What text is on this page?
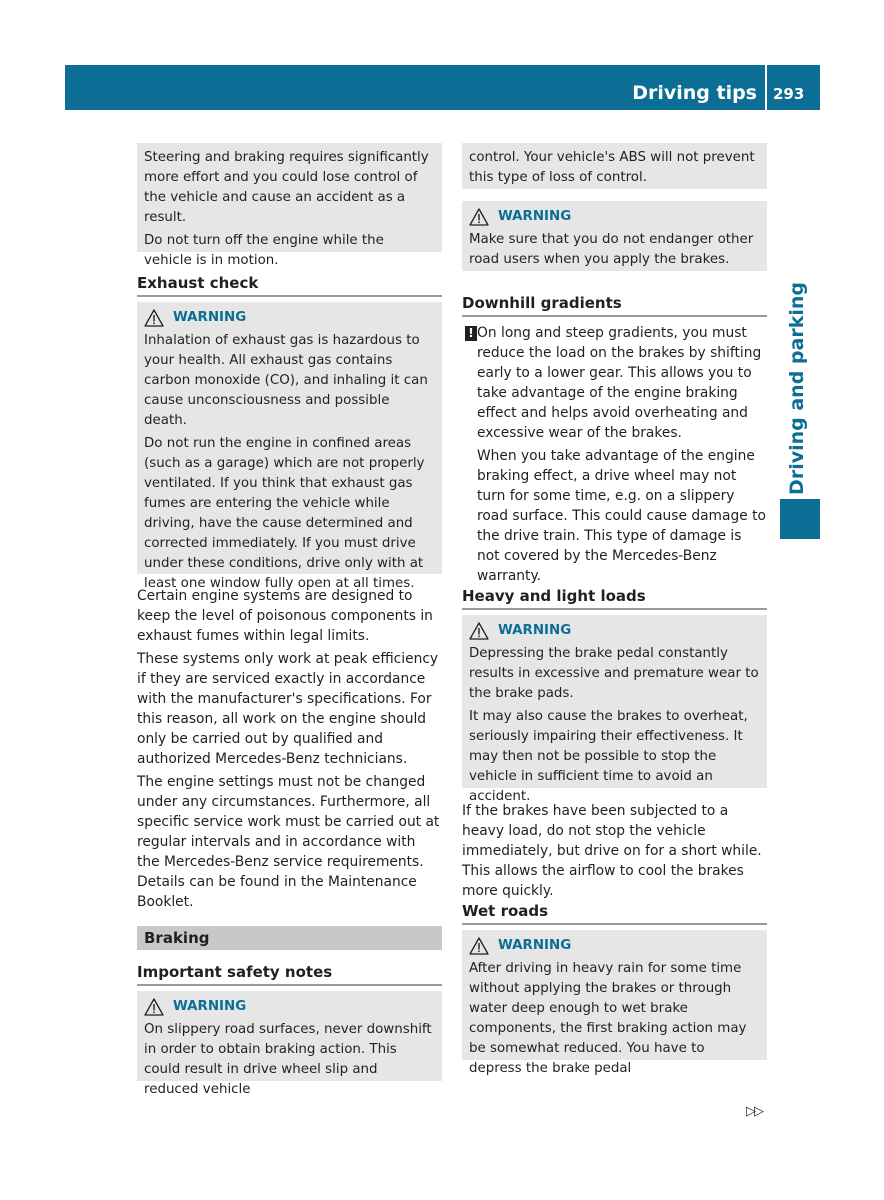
Driving tips 293
Driving and parking

Steering and braking requires significantly more effort and you could lose control of the vehicle and cause an accident as a result.

Do not turn off the engine while the vehicle is in motion.

Exhaust check
WARNING

Inhalation of exhaust gas is hazardous to your health. All exhaust gas contains carbon monoxide (CO), and inhaling it can cause unconsciousness and possible death.

Do not run the engine in confined areas (such as a garage) which are not properly ventilated. If you think that exhaust gas fumes are entering the vehicle while driving, have the cause determined and corrected immediately. If you must drive under these conditions, drive only with at least one window fully open at all times.

Certain engine systems are designed to keep the level of poisonous components in exhaust fumes within legal limits.

These systems only work at peak efficiency if they are serviced exactly in accordance with the manufacturer's specifications. For this reason, all work on the engine should only be carried out by qualified and authorized Mercedes-Benz technicians.

The engine settings must not be changed under any circumstances. Furthermore, all specific service work must be carried out at regular intervals and in accordance with the Mercedes-Benz service requirements. Details can be found in the Maintenance Booklet.

Braking
Important safety notes
WARNING

On slippery road surfaces, never downshift in order to obtain braking action. This could result in drive wheel slip and reduced vehicle

control. Your vehicle's ABS will not prevent this type of loss of control.

WARNING

Make sure that you do not endanger other road users when you apply the brakes.

Downhill gradients
! On long and steep gradients, you must reduce the load on the brakes by shifting early to a lower gear. This allows you to take advantage of the engine braking effect and helps avoid overheating and excessive wear of the brakes.

When you take advantage of the engine braking effect, a drive wheel may not turn for some time, e.g. on a slippery road surface. This could cause damage to the drive train. This type of damage is not covered by the Mercedes-Benz warranty.

Heavy and light loads
WARNING

Depressing the brake pedal constantly results in excessive and premature wear to the brake pads.

It may also cause the brakes to overheat, seriously impairing their effectiveness. It may then not be possible to stop the vehicle in sufficient time to avoid an accident.

If the brakes have been subjected to a heavy load, do not stop the vehicle immediately, but drive on for a short while. This allows the airflow to cool the brakes more quickly.

Wet roads
WARNING

After driving in heavy rain for some time without applying the brakes or through water deep enough to wet brake components, the first braking action may be somewhat reduced. You have to depress the brake pedal

▷▷
